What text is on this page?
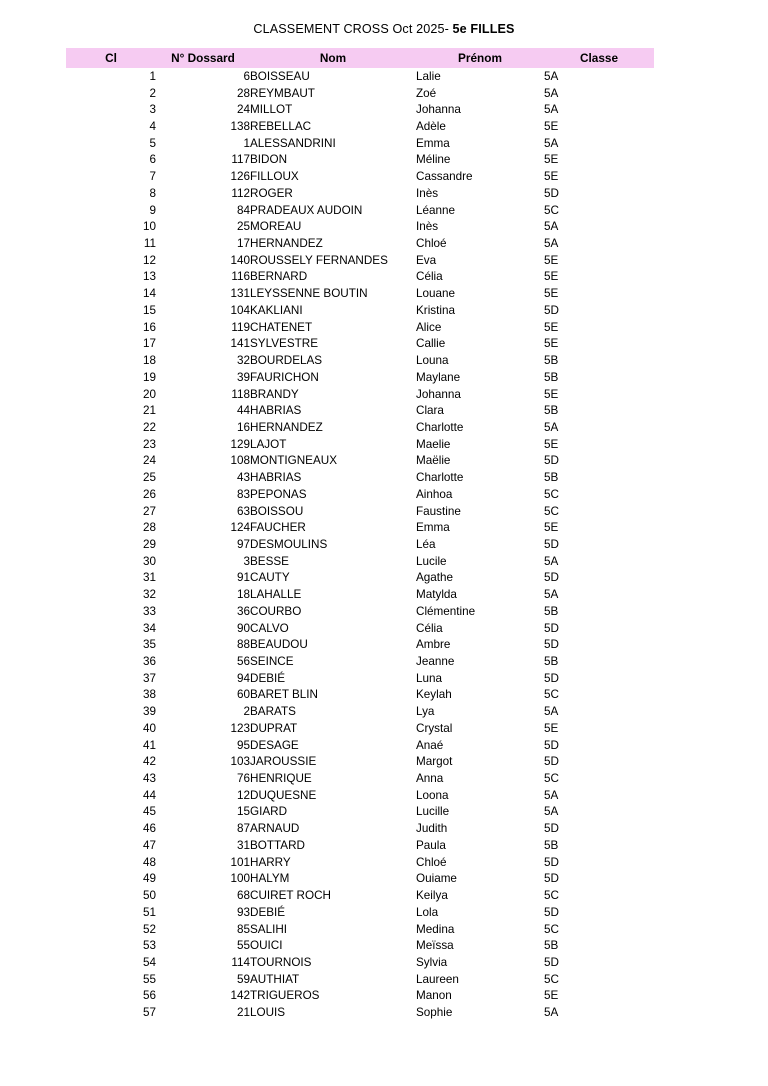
CLASSEMENT CROSS Oct 2025- 5e FILLES
Cl	N° Dossard	Nom	Prénom	Classe
1	6	BOISSEAU	Lalie	5A
2	28	REYMBAUT	Zoé	5A
3	24	MILLOT	Johanna	5A
4	138	REBELLAC	Adèle	5E
5	1	ALESSANDRINI	Emma	5A
6	117	BIDON	Méline	5E
7	126	FILLOUX	Cassandre	5E
8	112	ROGER	Inès	5D
9	84	PRADEAUX AUDOIN	Léanne	5C
10	25	MOREAU	Inès	5A
11	17	HERNANDEZ	Chloé	5A
12	140	ROUSSELY FERNANDES	Eva	5E
13	116	BERNARD	Célia	5E
14	131	LEYSSENNE BOUTIN	Louane	5E
15	104	KAKLIANI	Kristina	5D
16	119	CHATENET	Alice	5E
17	141	SYLVESTRE	Callie	5E
18	32	BOURDELAS	Louna	5B
19	39	FAURICHON	Maylane	5B
20	118	BRANDY	Johanna	5E
21	44	HABRIAS	Clara	5B
22	16	HERNANDEZ	Charlotte	5A
23	129	LAJOT	Maelie	5E
24	108	MONTIGNEAUX	Maëlie	5D
25	43	HABRIAS	Charlotte	5B
26	83	PEPONAS	Ainhoa	5C
27	63	BOISSOU	Faustine	5C
28	124	FAUCHER	Emma	5E
29	97	DESMOULINS	Léa	5D
30	3	BESSE	Lucile	5A
31	91	CAUTY	Agathe	5D
32	18	LAHALLE	Matylda	5A
33	36	COURBO	Clémentine	5B
34	90	CALVO	Célia	5D
35	88	BEAUDOU	Ambre	5D
36	56	SEINCE	Jeanne	5B
37	94	DEBIÉ	Luna	5D
38	60	BARET BLIN	Keylah	5C
39	2	BARATS	Lya	5A
40	123	DUPRAT	Crystal	5E
41	95	DESAGE	Anaé	5D
42	103	JAROUSSIE	Margot	5D
43	76	HENRIQUE	Anna	5C
44	12	DUQUESNE	Loona	5A
45	15	GIARD	Lucille	5A
46	87	ARNAUD	Judith	5D
47	31	BOTTARD	Paula	5B
48	101	HARRY	Chloé	5D
49	100	HALYM	Ouiame	5D
50	68	CUIRET ROCH	Keilya	5C
51	93	DEBIÉ	Lola	5D
52	85	SALIHI	Medina	5C
53	55	OUICI	Meïssa	5B
54	114	TOURNOIS	Sylvia	5D
55	59	AUTHIAT	Laureen	5C
56	142	TRIGUEROS	Manon	5E
57	21	LOUIS	Sophie	5A
